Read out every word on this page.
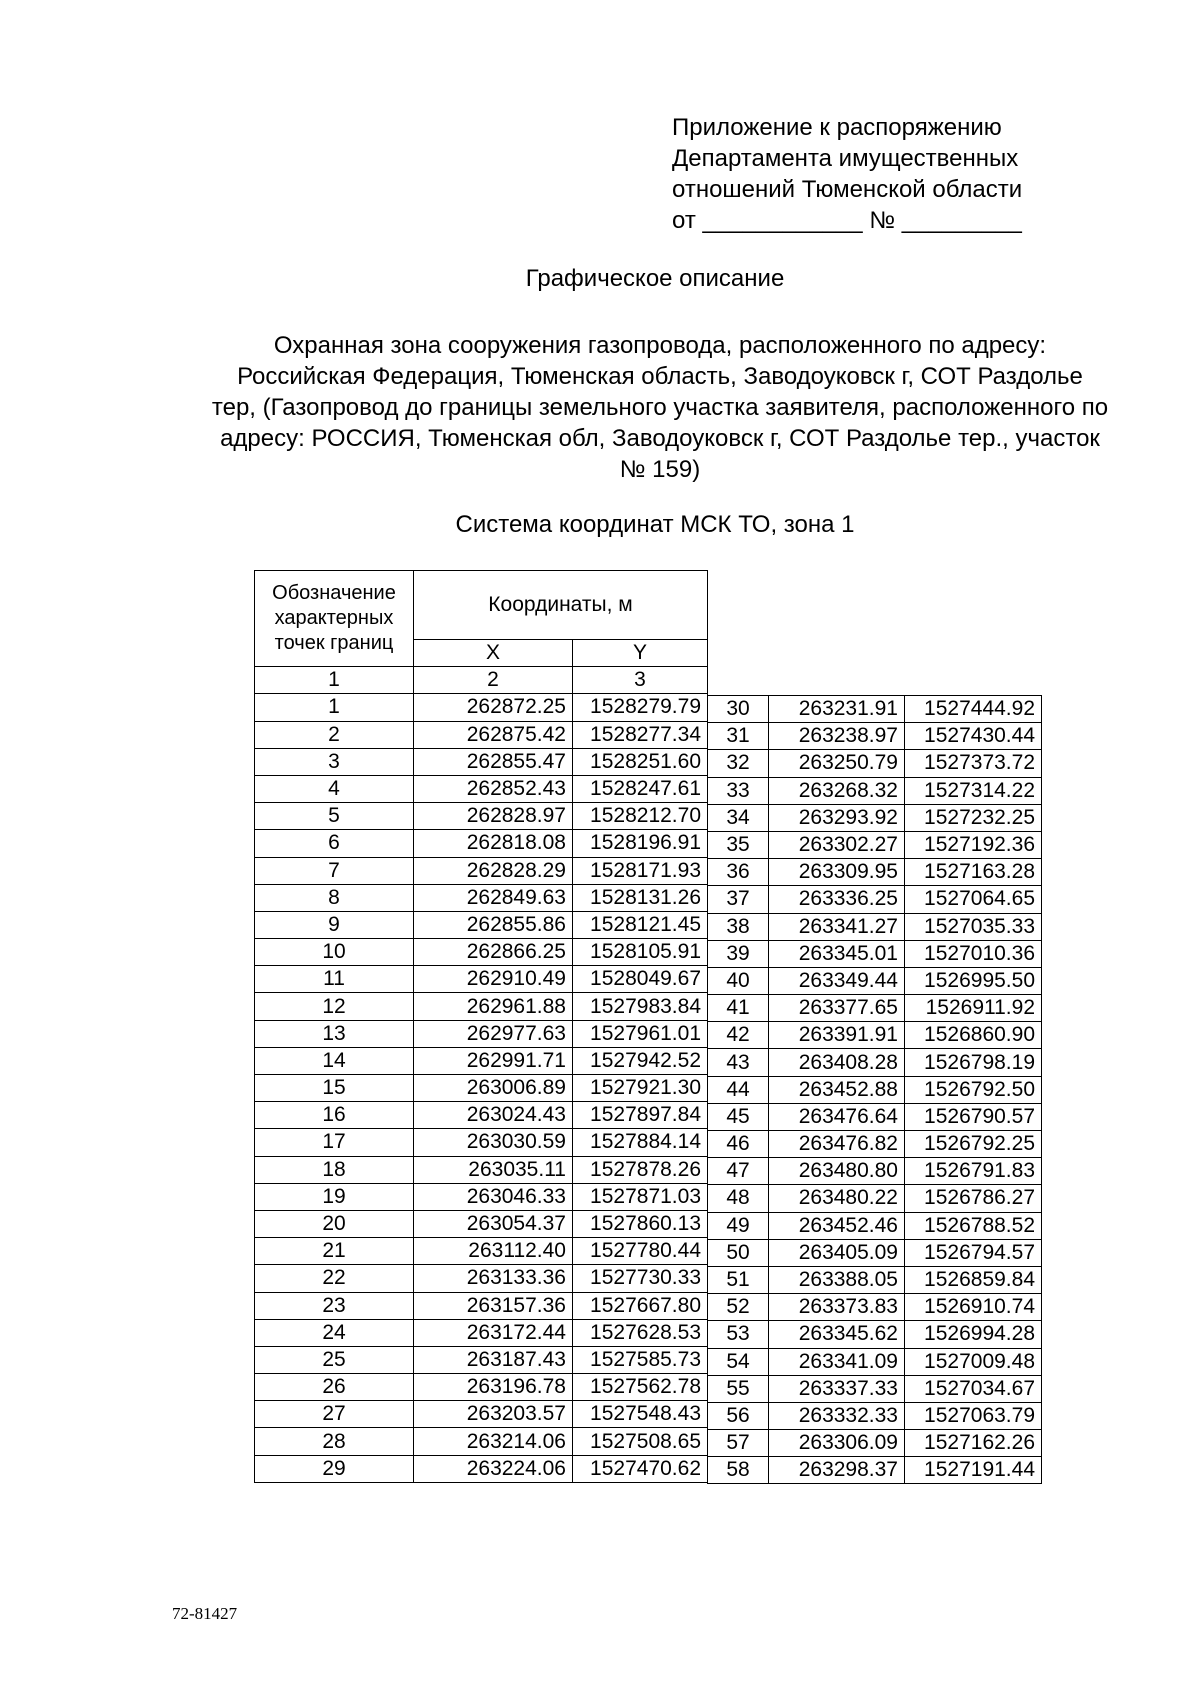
Приложение к распоряжению
Департамента имущественных
отношений Тюменской области
от ____________ № _________
Графическое описание
Охранная зона сооружения газопровода, расположенного по адресу:
Российская Федерация, Тюменская область, Заводоуковск г, СОТ Раздолье
тер, (Газопровод до границы земельного участка заявителя, расположенного по
адресу: РОССИЯ, Тюменская обл, Заводоуковск г, СОТ Раздолье тер., участок
№ 159)
Система координат МСК ТО, зона 1
Обозначение характерных точек границ	Координаты, м	
	X	Y
1	2	3
1	262872.25	1528279.79
2	262875.42	1528277.34
3	262855.47	1528251.60
4	262852.43	1528247.61
5	262828.97	1528212.70
6	262818.08	1528196.91
7	262828.29	1528171.93
8	262849.63	1528131.26
9	262855.86	1528121.45
10	262866.25	1528105.91
11	262910.49	1528049.67
12	262961.88	1527983.84
13	262977.63	1527961.01
14	262991.71	1527942.52
15	263006.89	1527921.30
16	263024.43	1527897.84
17	263030.59	1527884.14
18	263035.11	1527878.26
19	263046.33	1527871.03
20	263054.37	1527860.13
21	263112.40	1527780.44
22	263133.36	1527730.33
23	263157.36	1527667.80
24	263172.44	1527628.53
25	263187.43	1527585.73
26	263196.78	1527562.78
27	263203.57	1527548.43
28	263214.06	1527508.65
29	263224.06	1527470.62
30	263231.91	1527444.92
31	263238.97	1527430.44
32	263250.79	1527373.72
33	263268.32	1527314.22
34	263293.92	1527232.25
35	263302.27	1527192.36
36	263309.95	1527163.28
37	263336.25	1527064.65
38	263341.27	1527035.33
39	263345.01	1527010.36
40	263349.44	1526995.50
41	263377.65	1526911.92
42	263391.91	1526860.90
43	263408.28	1526798.19
44	263452.88	1526792.50
45	263476.64	1526790.57
46	263476.82	1526792.25
47	263480.80	1526791.83
48	263480.22	1526786.27
49	263452.46	1526788.52
50	263405.09	1526794.57
51	263388.05	1526859.84
52	263373.83	1526910.74
53	263345.62	1526994.28
54	263341.09	1527009.48
55	263337.33	1527034.67
56	263332.33	1527063.79
57	263306.09	1527162.26
58	263298.37	1527191.44
72-81427
